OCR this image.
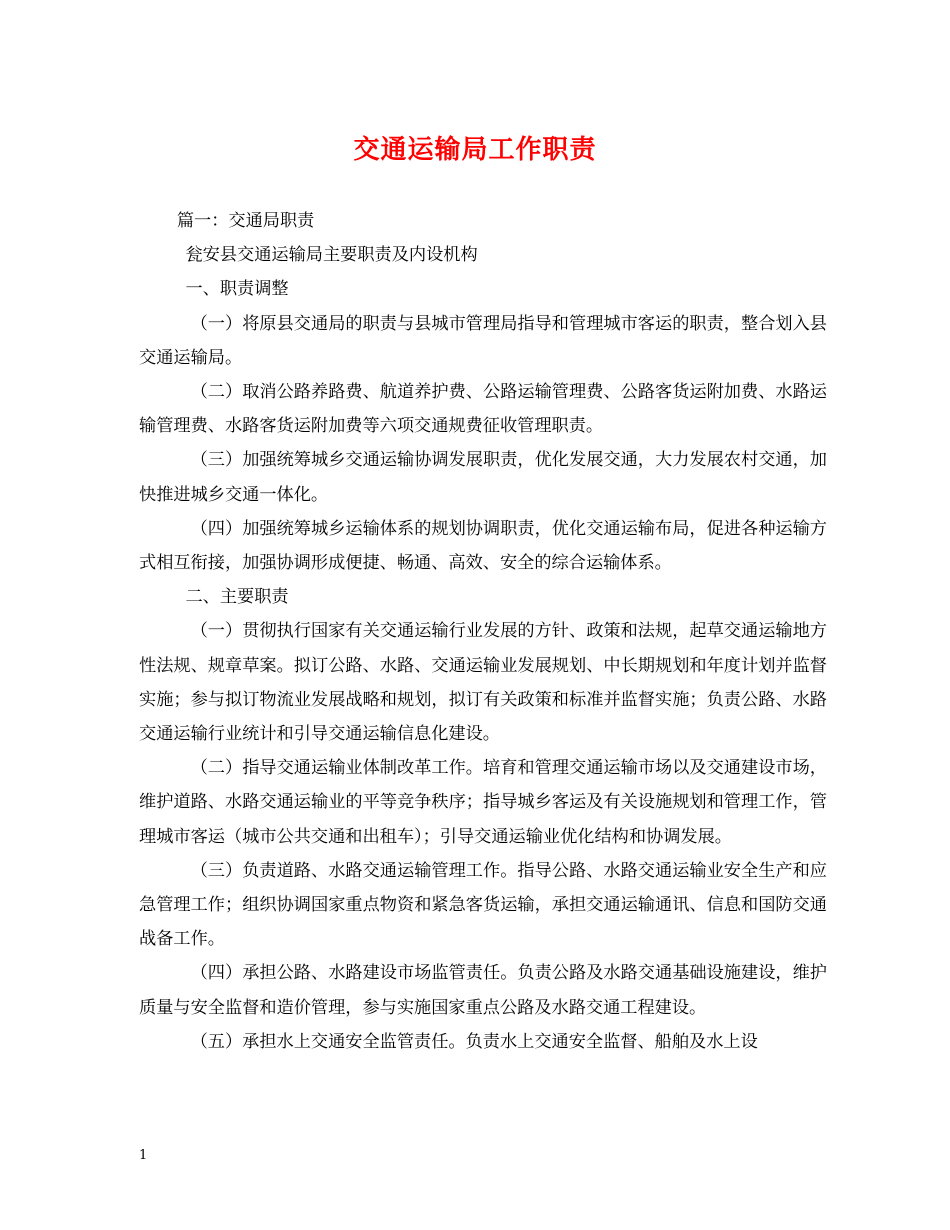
交通运输局工作职责

篇一：交通局职责

瓮安县交通运输局主要职责及内设机构

一、职责调整

（一）将原县交通局的职责与县城市管理局指导和管理城市客运的职责，整合划入县交通运输局。

（二）取消公路养路费、航道养护费、公路运输管理费、公路客货运附加费、水路运输管理费、水路客货运附加费等六项交通规费征收管理职责。

（三）加强统筹城乡交通运输协调发展职责，优化发展交通，大力发展农村交通，加快推进城乡交通一体化。

（四）加强统筹城乡运输体系的规划协调职责，优化交通运输布局，促进各种运输方式相互衔接，加强协调形成便捷、畅通、高效、安全的综合运输体系。

二、主要职责

（一）贯彻执行国家有关交通运输行业发展的方针、政策和法规，起草交通运输地方性法规、规章草案。拟订公路、水路、交通运输业发展规划、中长期规划和年度计划并监督实施；参与拟订物流业发展战略和规划，拟订有关政策和标准并监督实施；负责公路、水路交通运输行业统计和引导交通运输信息化建设。

（二）指导交通运输业体制改革工作。培育和管理交通运输市场以及交通建设市场，维护道路、水路交通运输业的平等竞争秩序；指导城乡客运及有关设施规划和管理工作，管理城市客运（城市公共交通和出租车）；引导交通运输业优化结构和协调发展。

（三）负责道路、水路交通运输管理工作。指导公路、水路交通运输业安全生产和应急管理工作；组织协调国家重点物资和紧急客货运输，承担交通运输通讯、信息和国防交通战备工作。

（四）承担公路、水路建设市场监管责任。负责公路及水路交通基础设施建设，维护质量与安全监督和造价管理，参与实施国家重点公路及水路交通工程建设。

（五）承担水上交通安全监管责任。负责水上交通安全监督、船舶及水上设

1
